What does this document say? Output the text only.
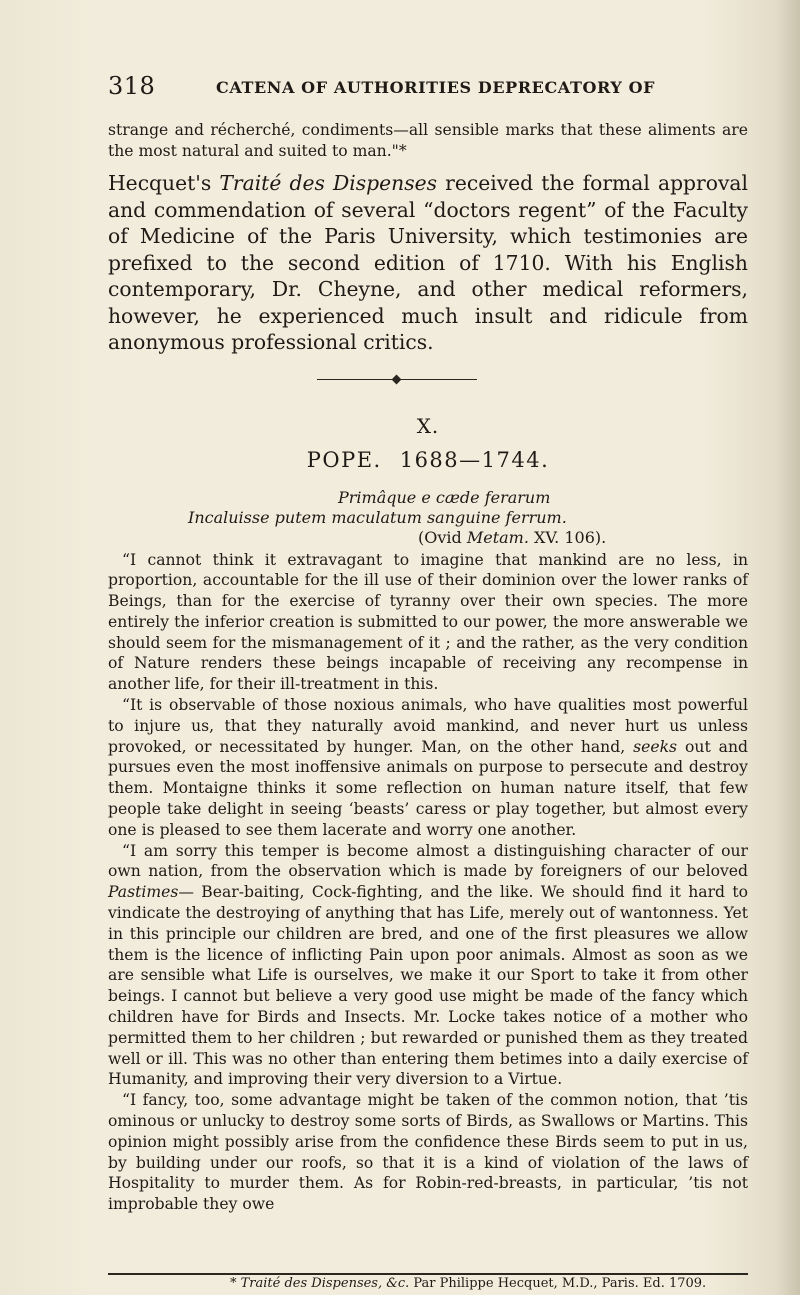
318	CATENA OF AUTHORITIES DEPRECATORY OF

strange and récherché, condiments—all sensible marks that these aliments are the most natural and suited to man."*

Hecquet's Traité des Dispenses received the formal approval and commendation of several “doctors regent” of the Faculty of Medicine of the Paris University, which testimonies are prefixed to the second edition of 1710. With his English contemporary, Dr. Cheyne, and other medical reformers, however, he experienced much insult and ridicule from anonymous professional critics.

X.
POPE. 1688—1744.
Primâque e cæde ferarum
Incaluisse putem maculatum sanguine ferrum.
(Ovid Metam. XV. 106).

“I cannot think it extravagant to imagine that mankind are no less, in proportion, accountable for the ill use of their dominion over the lower ranks of Beings, than for the exercise of tyranny over their own species. The more entirely the inferior creation is submitted to our power, the more answerable we should seem for the mismanagement of it ; and the rather, as the very condition of Nature renders these beings incapable of receiving any recompense in another life, for their ill-treatment in this.

“It is observable of those noxious animals, who have qualities most powerful to injure us, that they naturally avoid mankind, and never hurt us unless provoked, or necessitated by hunger. Man, on the other hand, seeks out and pursues even the most inoffensive animals on purpose to persecute and destroy them. Montaigne thinks it some reflection on human nature itself, that few people take delight in seeing ‘beasts’ caress or play together, but almost every one is pleased to see them lacerate and worry one another.

“I am sorry this temper is become almost a distinguishing character of our own nation, from the observation which is made by foreigners of our beloved Pastimes— Bear-baiting, Cock-fighting, and the like. We should find it hard to vindicate the destroying of anything that has Life, merely out of wantonness. Yet in this principle our children are bred, and one of the first pleasures we allow them is the licence of inflicting Pain upon poor animals. Almost as soon as we are sensible what Life is ourselves, we make it our Sport to take it from other beings. I cannot but believe a very good use might be made of the fancy which children have for Birds and Insects. Mr. Locke takes notice of a mother who permitted them to her children ; but rewarded or punished them as they treated well or ill. This was no other than entering them betimes into a daily exercise of Humanity, and improving their very diversion to a Virtue.

“I fancy, too, some advantage might be taken of the common notion, that ’tis ominous or unlucky to destroy some sorts of Birds, as Swallows or Martins. This opinion might possibly arise from the confidence these Birds seem to put in us, by building under our roofs, so that it is a kind of violation of the laws of Hospitality to murder them. As for Robin-red-breasts, in particular, ’tis not improbable they owe

* Traité des Dispenses, &c. Par Philippe Hecquet, M.D., Paris. Ed. 1709.
